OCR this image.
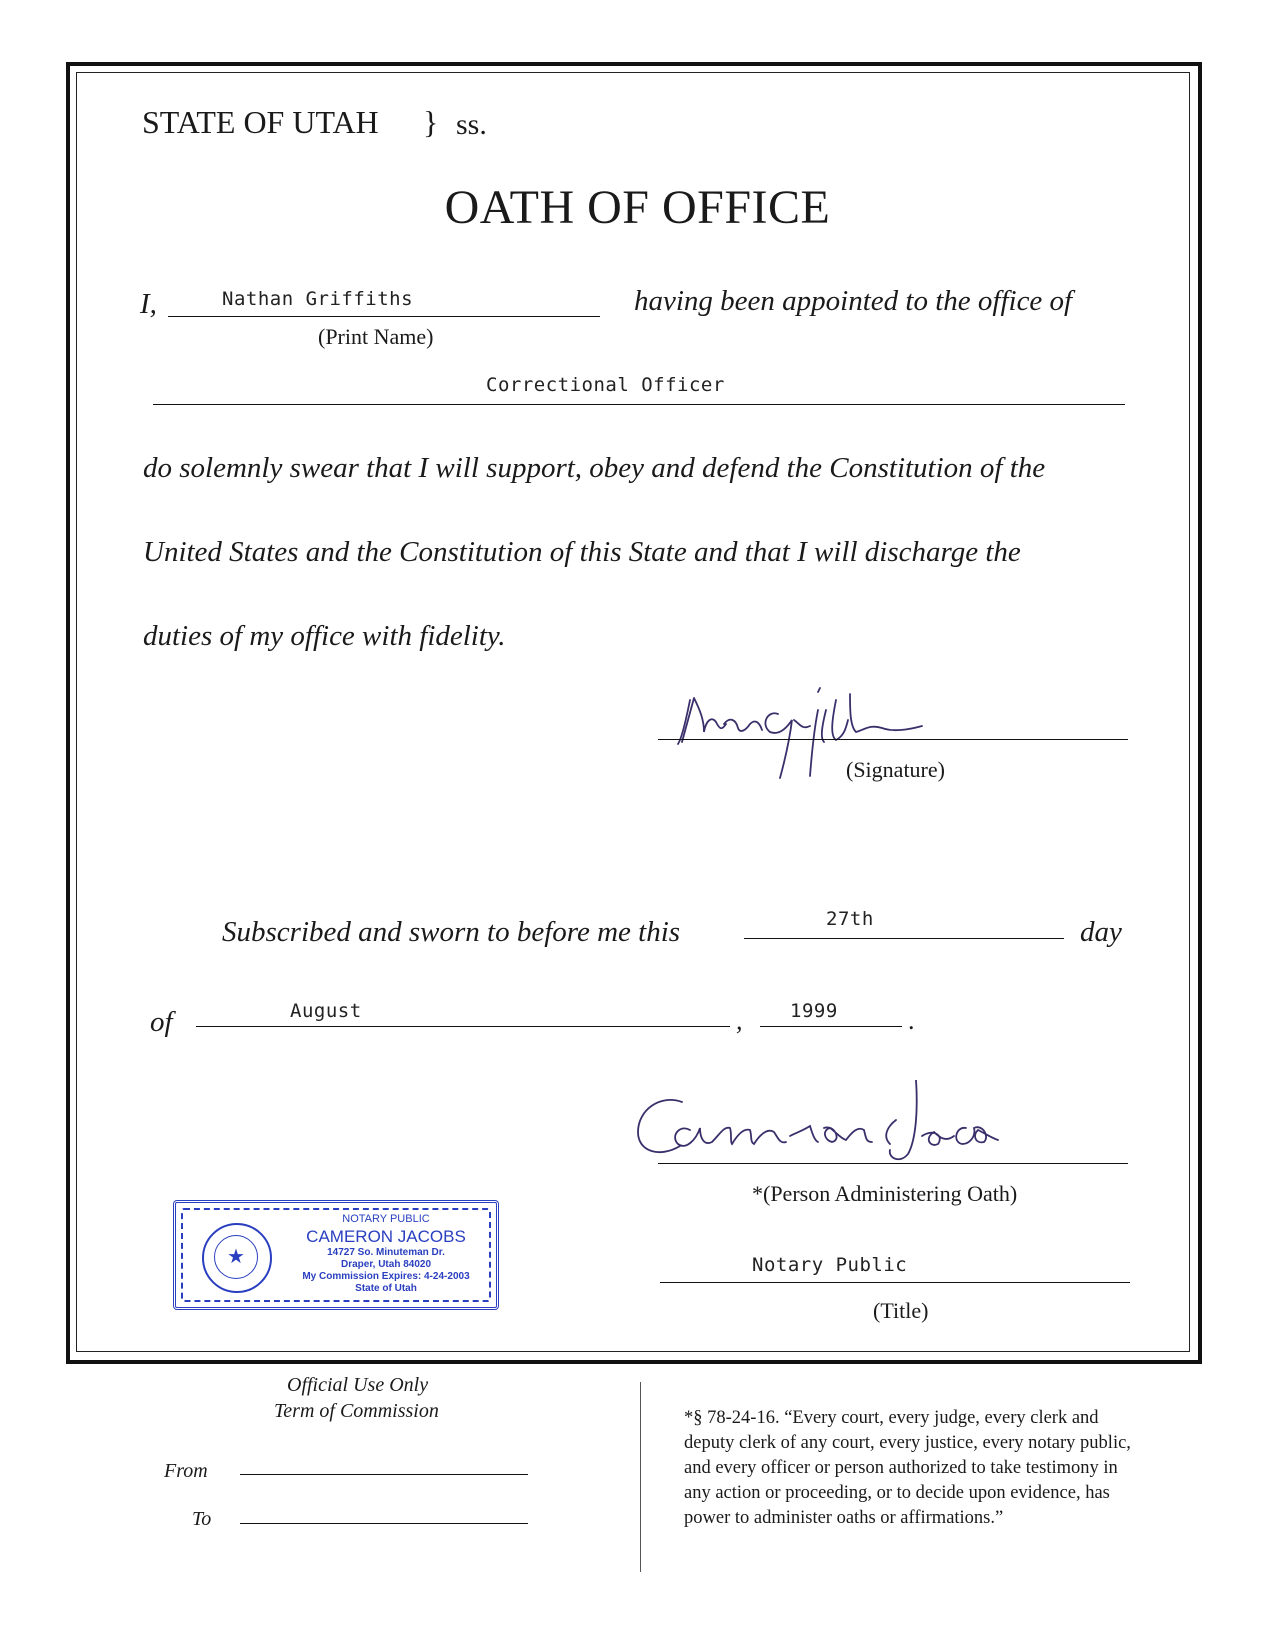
STATE OF UTAH } ss.
OATH OF OFFICE
I,	Nathan Griffiths
(Print Name)
having been appointed to the office of
Correctional Officer
do solemnly swear that I will support, obey and defend the Constitution of the
United States and the Constitution of this State and that I will discharge the
duties of my office with fidelity.
(Signature)
Subscribed and sworn to before me this	27th	day
of	August	,	1999	.
*(Person Administering Oath)
Notary Public
(Title)
★
NOTARY PUBLIC
CAMERON JACOBS
14727 So. Minuteman Dr.
Draper, Utah 84020
My Commission Expires: 4-24-2003
State of Utah
Official Use Only
Term of Commission
From
To

*§ 78-24-16. “Every court, every judge, every clerk and

deputy clerk of any court, every justice, every notary public,

and every officer or person authorized to take testimony in

any action or proceeding, or to decide upon evidence, has

power to administer oaths or affirmations.”
